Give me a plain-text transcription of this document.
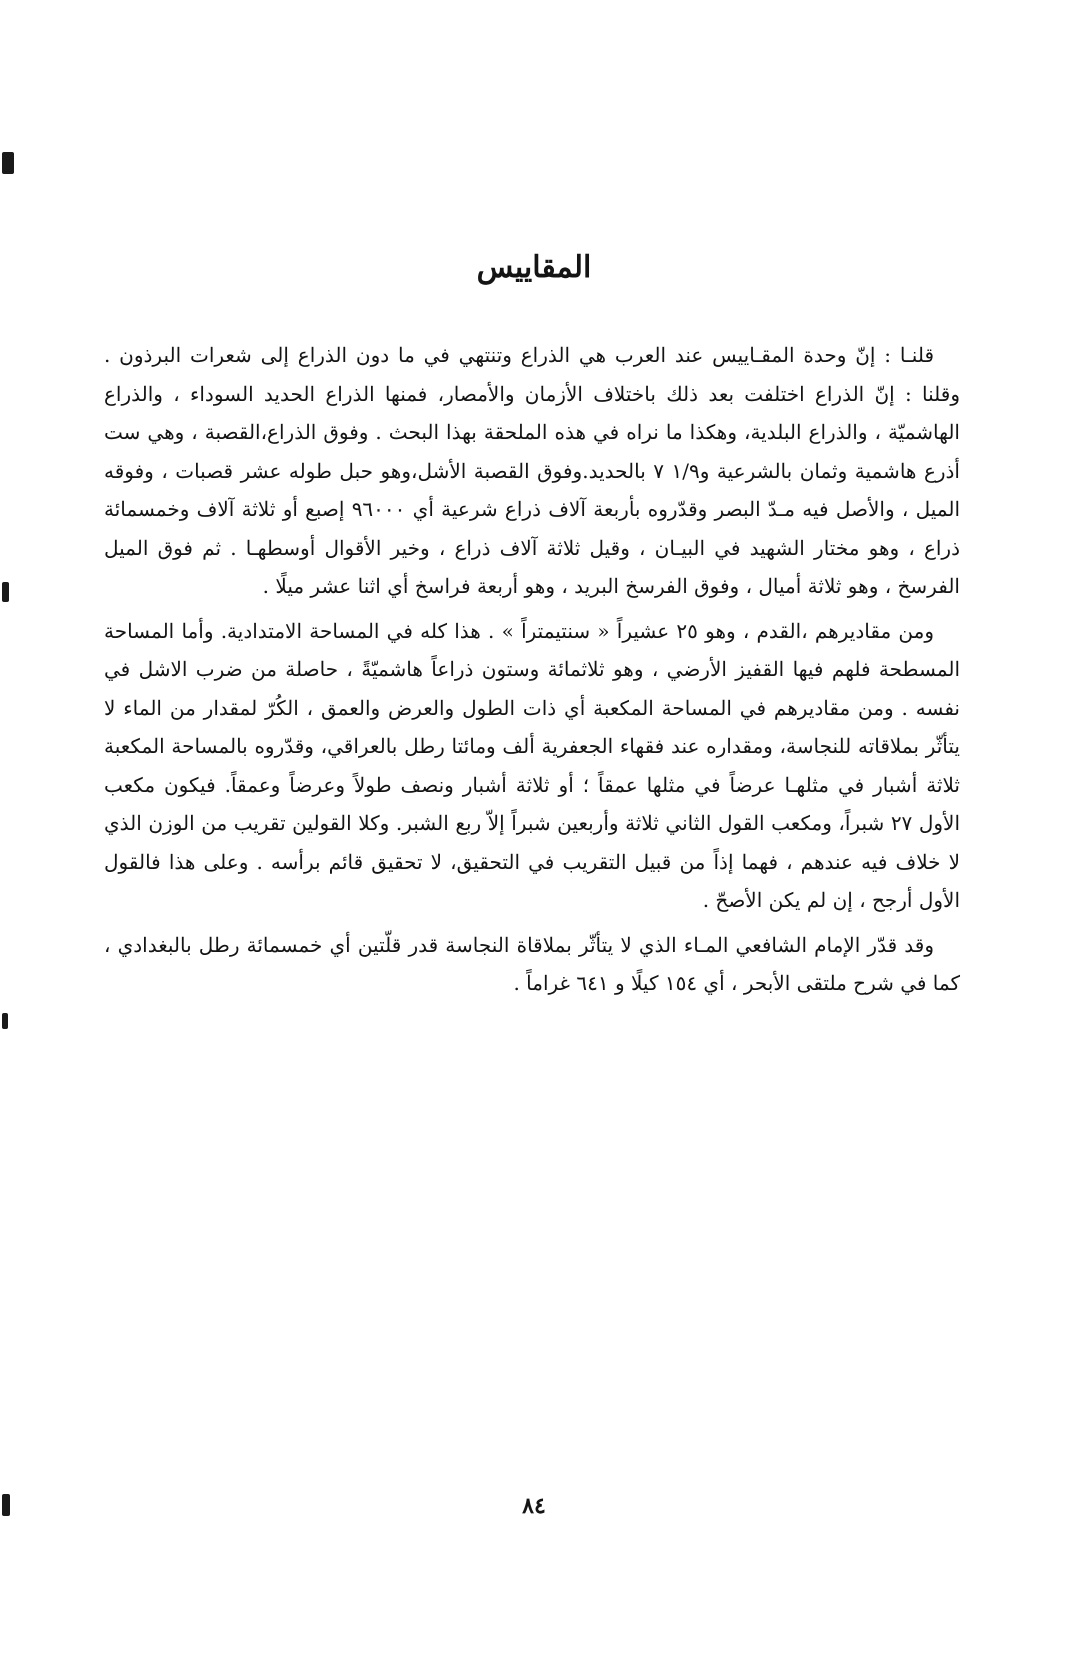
المقاييس

قلنـا : إنّ وحدة المقـاييس عند العرب هي الذراع وتنتهي في ما دون الذراع إلى شعرات البرذون . وقلنا : إنّ الذراع اختلفت بعد ذلك باختلاف الأزمان والأمصار، فمنها الذراع الحديد السوداء ، والذراع الهاشميّة ، والذراع البلدية، وهكذا ما نراه في هذه الملحقة بهذا البحث . وفوق الذراع،القصبة ، وهي ست أذرع هاشمية وثمان بالشرعية و١/٩ ٧ بالحديد.وفوق القصبة الأشل،وهو حبل طوله عشر قصبات ، وفوقه الميل ، والأصل فيه مـدّ البصر وقدّروه بأربعة آلاف ذراع شرعية أي ٩٦٠٠٠ إصبع أو ثلاثة آلاف وخمسمائة ذراع ، وهو مختار الشهيد في البيـان ، وقيل ثلاثة آلاف ذراع ، وخير الأقوال أوسطهـا . ثم فوق الميل الفرسخ ، وهو ثلاثة أميال ، وفوق الفرسخ البريد ، وهو أربعة فراسخ أي اثنا عشر ميلًا .

ومن مقاديرهم ،القدم ، وهو ٢٥ عشيراً « سنتيمتراً » . هذا كله في المساحة الامتدادية. وأما المساحة المسطحة فلهم فيها القفيز الأرضي ، وهو ثلاثمائة وستون ذراعاً هاشميّةً ، حاصلة من ضرب الاشل في نفسه . ومن مقاديرهم في المساحة المكعبة أي ذات الطول والعرض والعمق ، الكُرّ لمقدار من الماء لا يتأثّر بملاقاته للنجاسة، ومقداره عند فقهاء الجعفرية ألف ومائتا رطل بالعراقي، وقدّروه بالمساحة المكعبة ثلاثة أشبار في مثلهـا عرضاً في مثلها عمقاً ؛ أو ثلاثة أشبار ونصف طولاً وعرضاً وعمقاً. فيكون مكعب الأول ٢٧ شبراً، ومكعب القول الثاني ثلاثة وأربعين شبراً إلاّ ربع الشبر. وكلا القولين تقريب من الوزن الذي لا خلاف فيه عندهم ، فهما إذاً من قبيل التقريب في التحقيق، لا تحقيق قائم برأسه . وعلى هذا فالقول الأول أرجح ، إن لم يكن الأصحّ .

وقد قدّر الإمام الشافعي المـاء الذي لا يتأثّر بملاقاة النجاسة قدر قلّتين أي خمسمائة رطل بالبغدادي ، كما في شرح ملتقى الأبحر ، أي ١٥٤ كيلًا و ٦٤١ غراماً .

٨٤
